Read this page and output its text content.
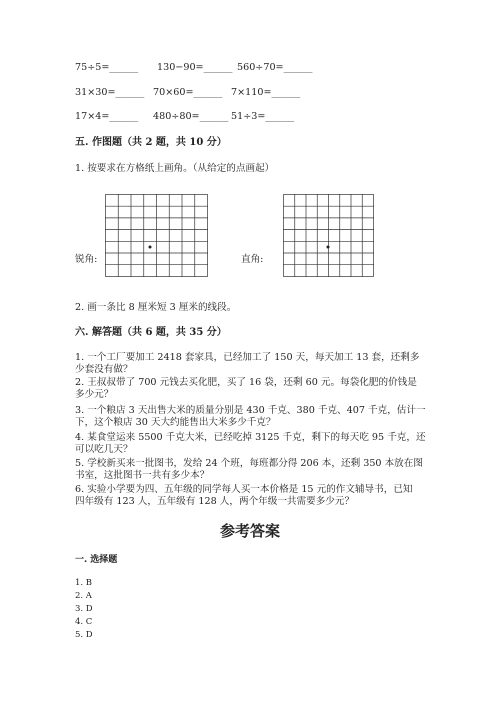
75÷5=______ 130−90=______ 560÷70=______
31×30=______ 70×60=______ 7×110=______
17×4=______ 480÷80=______ 51÷3=______
五. 作图题（共 2 题，共 10 分）
1. 按要求在方格纸上画角。（从给定的点画起）
锐角:	直角:
2. 画一条比 8 厘米短 3 厘米的线段。
六. 解答题（共 6 题，共 35 分）
1. 一个工厂要加工 2418 套家具，已经加工了 150 天，每天加工 13 套，还剩多
少套没有做？
2. 王叔叔带了 700 元钱去买化肥，买了 16 袋，还剩 60 元。每袋化肥的价钱是
多少元？
3. 一个粮店 3 天出售大米的质量分别是 430 千克、380 千克、407 千克，估计一
下，这个粮店 30 天大约能售出大米多少千克？
4. 某食堂运来 5500 千克大米，已经吃掉 3125 千克，剩下的每天吃 95 千克，还
可以吃几天？
5. 学校新买来一批图书，发给 24 个班，每班都分得 206 本，还剩 350 本放在图
书室，这批图书一共有多少本？
6. 实验小学要为四、五年级的同学每人买一本价格是 15 元的作文辅导书，已知
四年级有 123 人，五年级有 128 人，两个年级一共需要多少元？
参考答案
一. 选择题
1. B
2. A
3. D
4. C
5. D
